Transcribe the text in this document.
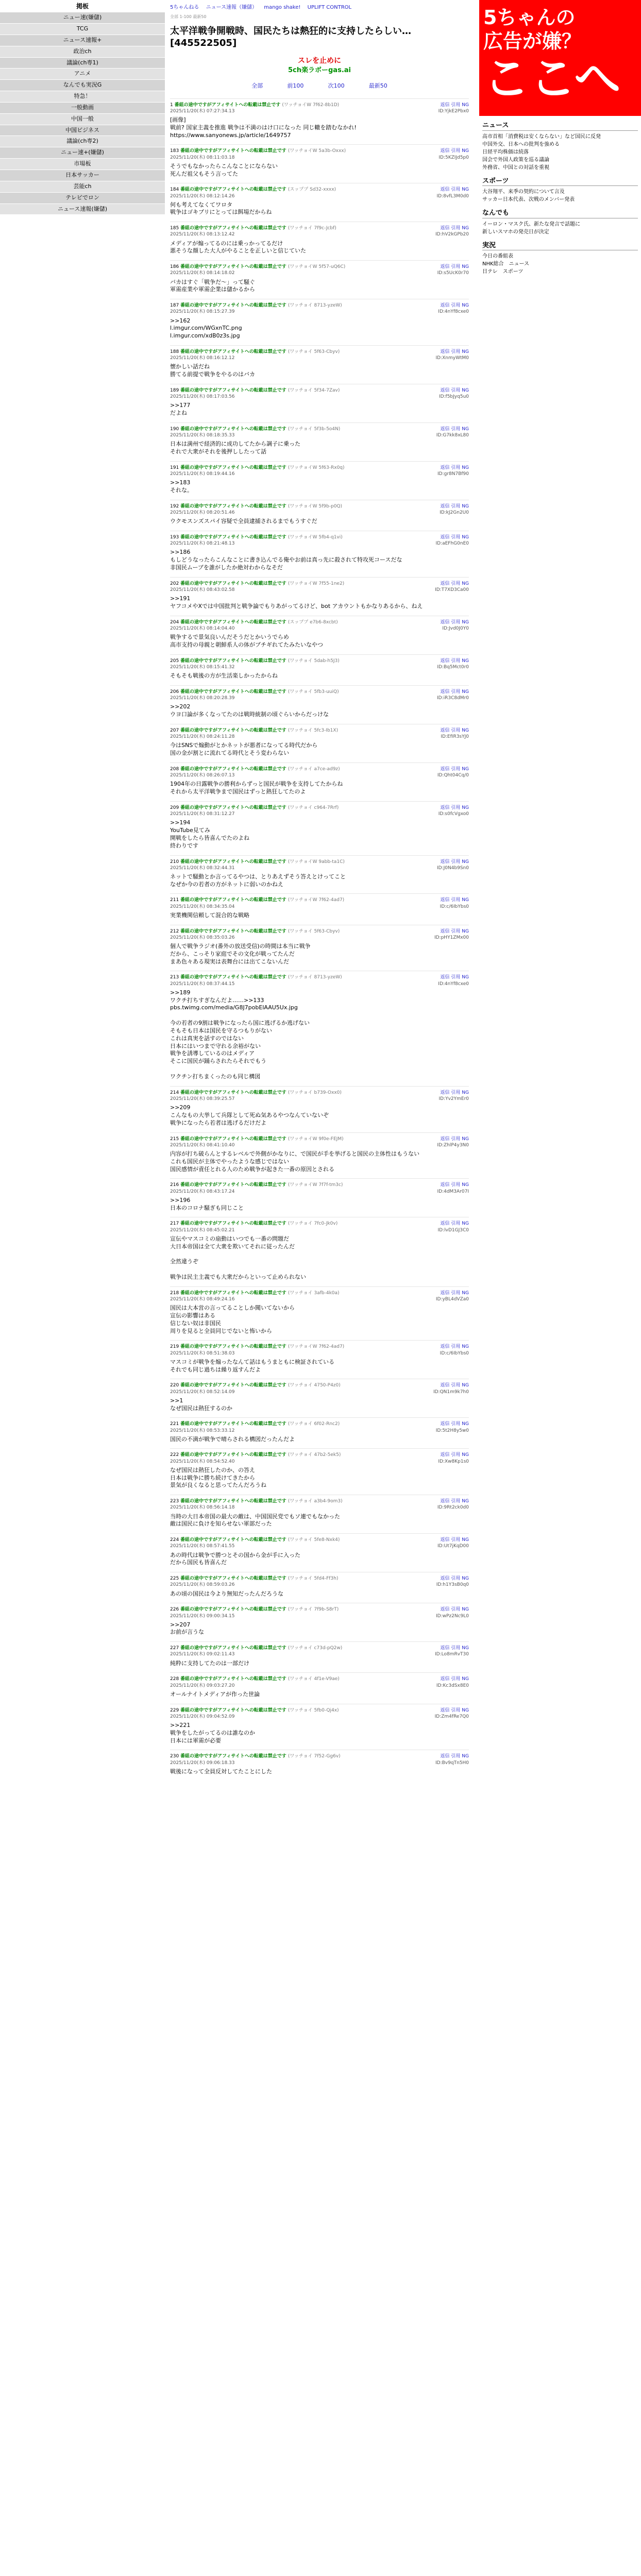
掲板
ニュー速(嫌儲)
TCG
ニュース速報+
政治ch
議論(ch専1)
アニメ
なんでも実況G
特急！
一般動画
中国一般
中国ビジネス
議論(ch専2)
ニュー速+(嫌儲)
市場板
日本サッカー
芸能ch
テレビでロン
ニュース速報(嫌儲)
5ちゃんねる ニュース速報（嫌儲） mango shake! UPLIFT CONTROL
全部 1-100 最新50
太平洋戦争開戦時、国民たちは熱狂的に支持したらしい… [445522505]
スレを止めに
5ch楽ラボーgas.ai
全部	前100	次100	最新50
1 番組の途中ですがアフィサイトへの転載は禁止です (ワッチョイW 7f62-8b1D)
2025/11/20(木) 07:27:34.13
返信 引用 NG
ID:YjkE2Pbx0
[画像]
戦前? 国家主義を推進 戦争は不満のはけ口になった 同じ轍を踏むなかれ!
https://www.sanyonews.jp/article/1649757
183 番組の途中ですがアフィサイトへの転載は禁止です (ワッチョイW 5a3b-Oxxx)
2025/11/20(木) 08:11:03.18
返信 引用 NG
ID:5KZIJd5p0
そうでもなかったらこんなことにならない
死んだ祖父もそう言ってた
184 番組の途中ですがアフィサイトへの転載は禁止です (スッププ Sd32-xxxx)
2025/11/20(木) 08:12:14.26
返信 引用 NG
ID:8vfL3M0d0
何も考えてなくてワロタ
戦争はゴキブリにとっては餌場だからね
185 番組の途中ですがアフィサイトへの転載は禁止です (ワッチョイ 7f9c-Jcbf)
2025/11/20(木) 08:13:12.42
返信 引用 NG
ID:hV2kGPb20
メディアが煽ってるのには乗っかってるだけ
悪そうな顔した大人がやることを正しいと信じていた
186 番組の途中ですがアフィサイトへの転載は禁止です (ワッチョイW 5f57-uQ6C)
2025/11/20(木) 08:14:18.02
返信 引用 NG
ID:s5UcK0r70
バカはすぐ「戦争だ～」って騒ぐ
軍需産業や軍需企業は儲かるから
187 番組の途中ですがアフィサイトへの転載は禁止です (ワッチョイ 8713-yzeW)
2025/11/20(木) 08:15:27.39
返信 引用 NG
ID:4nYf8cxe0
>>162
l.imgur.com/WGxnTC.png
l.imgur.com/xdB0z3s.jpg
188 番組の途中ですがアフィサイトへの転載は禁止です (ワッチョイ 5f63-Cbyv)
2025/11/20(木) 08:16:12.12
返信 引用 NG
ID:XnmyWtM0
懐かしい話だね
勝てる前提で戦争をやるのはバカ
189 番組の途中ですがアフィサイトへの転載は禁止です (ワッチョイ 5f34-7Zav)
2025/11/20(木) 08:17:03.56
返信 引用 NG
ID:f5bJyq5u0
>>177
だよね
190 番組の途中ですがアフィサイトへの転載は禁止です (ワッチョイ 5f3b-5o4N)
2025/11/20(木) 08:18:35.33
返信 引用 NG
ID:G7kk8xL80
日本は満州で経済的に成功してたから調子に乗った
それで大衆がそれを後押ししたって話
191 番組の途中ですがアフィサイトへの転載は禁止です (ワッチョイW 5f63-Rx0q)
2025/11/20(木) 08:19:44.16
返信 引用 NG
ID:gr8N7Bf90
>>183
それな。
192 番組の途中ですがアフィサイトへの転載は禁止です (ワッチョイW 5f9b-p0Q)
2025/11/20(木) 08:20:51.46
返信 引用 NG
ID:kJ2Gn2U0
ウクモスンズスパイ容疑で全員逮捕されるまでもうすぐだ
193 番組の途中ですがアフィサイトへの転載は禁止です (ワッチョイW 5fb4-q1vi)
2025/11/20(木) 08:21:48.13
返信 引用 NG
ID:aEFhG0nE0
>>186
もしどうなったらこんなことに書き込んでる俺やお前は真っ先に殺されて特攻死コースだな
非国民ムーブを誰がしたか絶対わからなそだ
202 番組の途中ですがアフィサイトへの転載は禁止です (ワッチョイW 7f55-1ne2)
2025/11/20(木) 08:43:02.58
返信 引用 NG
ID:T7XD3Ca00
>>191
ヤフコメやXでは中国批判と戦争論でもりあがってるけど、bot アカウントもかなりあるから、ねえ
204 番組の途中ですがアフィサイトへの転載は禁止です (スッププ e7b6-8xcbt)
2025/11/20(木) 08:14:04.40
返信 引用 NG
ID:Jvd0J0Y0
戦争するで景気良いんだそうだとかいうでらめ
高市支持の母親と朝鮮系人の体がブチギれてたみたいなやつ
205 番組の途中ですがアフィサイトへの転載は禁止です (ワッチョイ 5dab-h5J3)
2025/11/20(木) 08:15:41.32
返信 引用 NG
ID:Bq5Mct0r0
そもそも戦後の方が生活楽しかったからね
206 番組の途中ですがアフィサイトへの転載は禁止です (ワッチョイ 5fb3-uuiQ)
2025/11/20(木) 08:20:28.39
返信 引用 NG
ID:iR3C8dMr0
>>202
ウヨ口論が多くなってたのは戦時統制の頃ぐらいからだっけな
207 番組の途中ですがアフィサイトへの転載は禁止です (ワッチョイ 5fc3-Ib1X)
2025/11/20(木) 08:24:11.28
返信 引用 NG
ID:EfIR3sYJ0
今はSNSで煽動がとかネットが悪者になってる時代だから
国の金が割とに流れてる時代とそう変わらない
208 番組の途中ですがアフィサイトへの転載は禁止です (ワッチョイ a7ce-ad9z)
2025/11/20(木) 08:26:07.13
返信 引用 NG
ID:Qht04Cq/0
1904年の日露戦争の勝利からずっと国民が戦争を支持してたからね
それから太平洋戦争まで国民はずっと熱狂してたのよ
209 番組の途中ですがアフィサイトへの転載は禁止です (ワッチョイ c964-7Rrf)
2025/11/20(木) 08:31:12.27
返信 引用 NG
ID:s0fcVgxo0
>>194
YouTube見てみ
開戦をしたら皆喜んでたのよね
終わりです
210 番組の途中ですがアフィサイトへの転載は禁止です (ワッチョイW 9abb-ta1C)
2025/11/20(木) 08:32:44.31
返信 引用 NG
ID:J0N4b9Sn0
ネットで騒動とか言ってるやつは、とりあえずそう答えとけってこと
なぜか今の若者の方がネットに弱いのかねえ
211 番組の途中ですがアフィサイトへの転載は禁止です (ワッチョイW 7f62-4ad7)
2025/11/20(木) 08:34:35.04
返信 引用 NG
ID:c/6IbYbs0
実業機関信頼して混合的な戦略
212 番組の途中ですがアフィサイトへの転載は禁止です (ワッチョイ 5f63-Cbyv)
2025/11/20(木) 08:35:03.26
返信 引用 NG
ID:pHY1ZMx00
個人で戦争ラジオ(番外の放送受信)の時間は本当に戦争
だから、こっそり家庭でその文化が戦ってたんだ
まあ色々ある現実は表舞台には出てこないんだ
213 番組の途中ですがアフィサイトへの転載は禁止です (ワッチョイ 8713-yzeW)
2025/11/20(木) 08:37:44.15
返信 引用 NG
ID:4nYf8cxe0
>>189
ワクチ打ちすぎなんだよ……>>133
pbs.twimg.com/media/G8J7pobElAAU5Ux.jpg

今の若者の9割は戦争になったら国に逃げるか逃げない
そもそも日本は国民を守るつもりがない
これは真実を話すのではない
日本にはいつまで守れる余裕がない
戦争を誘導しているのはメディア
そこに国民が踊らされたらそれでもう

ワクチン打ちまくったのも同じ構図
214 番組の途中ですがアフィサイトへの転載は禁止です (ワッチョイ b739-Oxx0)
2025/11/20(木) 08:39:25.57
返信 引用 NG
ID:Yv2YmEr0
>>209
こんなもの大挙して兵隊として死ぬ気あるやつなんていないぞ
戦争になったら若者は逃げるだけだよ
215 番組の途中ですがアフィサイトへの転載は禁止です (ワッチョイW 9f0e-FEJM)
2025/11/20(木) 08:41:10.40
返信 引用 NG
ID:ZhlP4y3N0
内容が打ち破らんとするレベルで外側がかなりに、で国民が手を挙げると国民の主体性はもうない
これも国民が主体でやったような感じではない
国民感情が責任とれる人のため戦争が起きた一番の原因とされる
216 番組の途中ですがアフィサイトへの転載は禁止です (ワッチョイW 7f7f-tm3c)
2025/11/20(木) 08:43:17.24
返信 引用 NG
ID:4dM3Ar07I
>>196
日本のコロナ騒ぎも同じこと
217 番組の途中ですがアフィサイトへの転載は禁止です (ワッチョイ 7fc0-Jk0v)
2025/11/20(木) 08:45:02.21
返信 引用 NG
ID:lvD1GJ3C0
宣伝やマスコミの扇動はいつでも一番の問題だ
大日本帝国は全て大衆を欺いてそれに従ったんだ

全然違うぞ

戦争は民主主義でも大衆だからといって止められない
218 番組の途中ですがアフィサイトへの転載は禁止です (ワッチョイ 3afb-4k0a)
2025/11/20(木) 08:49:24.16
返信 引用 NG
ID:yBL4dVZa0
国民は大本営の言ってることしか聞いてないから
宣伝の影響はある
信じない奴は非国民
周りを見ると全員同じでないと怖いから
219 番組の途中ですがアフィサイトへの転載は禁止です (ワッチョイW 7f62-4ad7)
2025/11/20(木) 08:51:38.03
返信 引用 NG
ID:c/6IbYbs0
マスコミが戦争を煽ったなんて話はもうまともに検証されている
それでも同じ過ちは繰り返すんだよ
220 番組の途中ですがアフィサイトへの転載は禁止です (ワッチョイ 4750-P4z0)
2025/11/20(木) 08:52:14.09
返信 引用 NG
ID:QN1m9k7h0
>>1
なぜ国民は熱狂するのか
221 番組の途中ですがアフィサイトへの転載は禁止です (ワッチョイ 6f02-Rnc2)
2025/11/20(木) 08:53:33.12
返信 引用 NG
ID:5t2H8y5w0
国民の不満が戦争で晴らされる構図だったんだよ
222 番組の途中ですがアフィサイトへの転載は禁止です (ワッチョイ 47b2-5ek5)
2025/11/20(木) 08:54:52.40
返信 引用 NG
ID:Xw8Kp1s0
なぜ国民は熱狂したのか、の答え
日本は戦争に勝ち続けてきたから
景気が良くなると思ってたんだろうね
223 番組の途中ですがアフィサイトへの転載は禁止です (ワッチョイ a3b4-9om3)
2025/11/20(木) 08:56:14.18
返信 引用 NG
ID:9Rt2ck0d0
当時の大日本帝国の最大の敵は、中国国民党でもソ連でもなかった
敵は国民に負けを知らせない軍部だった
224 番組の途中ですがアフィサイトへの転載は禁止です (ワッチョイ 5fe8-Nxk4)
2025/11/20(木) 08:57:41.55
返信 引用 NG
ID:Ut7jKqD00
あの時代は戦争で勝つとその国から金が手に入った
だから国民も皆喜んだ
225 番組の途中ですがアフィサイトへの転載は禁止です (ワッチョイ 5fd4-Ff3h)
2025/11/20(木) 08:59:03.26
返信 引用 NG
ID:h1Y3sB0q0
あの頃の国民は今より無知だったんだろうな
226 番組の途中ですがアフィサイトへの転載は禁止です (ワッチョイ 7f9b-S8rT)
2025/11/20(木) 09:00:34.15
返信 引用 NG
ID:wPz2Nc9L0
>>207
お前が言うな
227 番組の途中ですがアフィサイトへの転載は禁止です (ワッチョイ c73d-pQ2w)
2025/11/20(木) 09:02:11.43
返信 引用 NG
ID:Lo8mRvT30
純粋に支持してたのは一部だけ
228 番組の途中ですがアフィサイトへの転載は禁止です (ワッチョイ 4f1e-V9ae)
2025/11/20(木) 09:03:27.20
返信 引用 NG
ID:Kc3dSx8E0
オールナイトメディアが作った世論
229 番組の途中ですがアフィサイトへの転載は禁止です (ワッチョイ 5fb0-Qj4x)
2025/11/20(木) 09:04:52.09
返信 引用 NG
ID:Zm4fRe7Q0
>>221
戦争をしたがってるのは誰なのか
日本には軍需が必要
230 番組の途中ですがアフィサイトへの転載は禁止です (ワッチョイ 7f52-Gg6v)
2025/11/20(木) 09:06:18.33
返信 引用 NG
ID:Bv9qTn5H0
戦後になって全員反対してたことにした
5ちゃんの
広告が嫌？
ここへ
ニュース
高市首相「消費税は安くならない」など国民に反発
中国外交、日本への批判を強める
日経平均株価は続落
国会で外国人政策を巡る議論
外務省、中国との対話を重視
スポーツ
大谷翔平、来季の契約について言及
サッカー日本代表、次戦のメンバー発表
なんでも
イーロン・マスク氏、新たな発言で話題に
新しいスマホの発売日が決定
実況
今日の番組表
NHK総合　ニュース
日テレ　スポーツ
